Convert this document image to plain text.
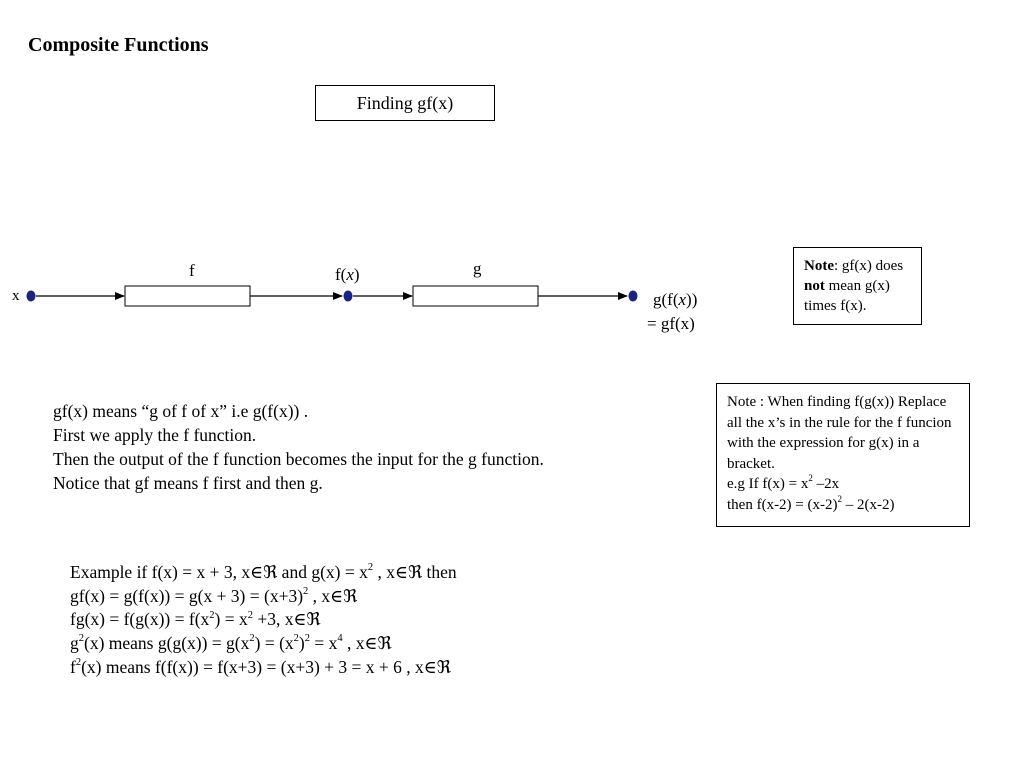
Composite Functions
Finding gf(x)
x
f	g
f(x)
g(f(x))
= gf(x)
Note: gf(x) does not mean g(x) times f(x).
Note : When finding f(g(x)) Replace all the x’s in the rule for the f funcion with the expression for g(x) in a bracket.
e.g If $f(x) = x^2$ –2x
then $f(x-2) = (x-2)^2 - 2(x-2)$
gf(x) means “g of f of x” i.e g(f(x)) .
First we apply the f function.
Then the output of the f function becomes the input for the g function.
Notice that gf means f first and then g.
Example if f(x) = x + 3, x∈ℜ and $g(x) = x^2$ , x∈ℜ then
$gf(x) = g(f(x)) = g(x + 3) = (x+3)^2$ , x∈ℜ
$fg(x) = f(g(x)) = f(x^2) = x^2 +3$, x∈ℜ
$g^2(x)$ means $g(g(x)) = g(x^2) = (x^2)^2 = x^4$ , x∈ℜ
$f^2(x)$ means f(f(x)) = f(x+3) = (x+3) + 3 = x + 6 , x∈ℜ
